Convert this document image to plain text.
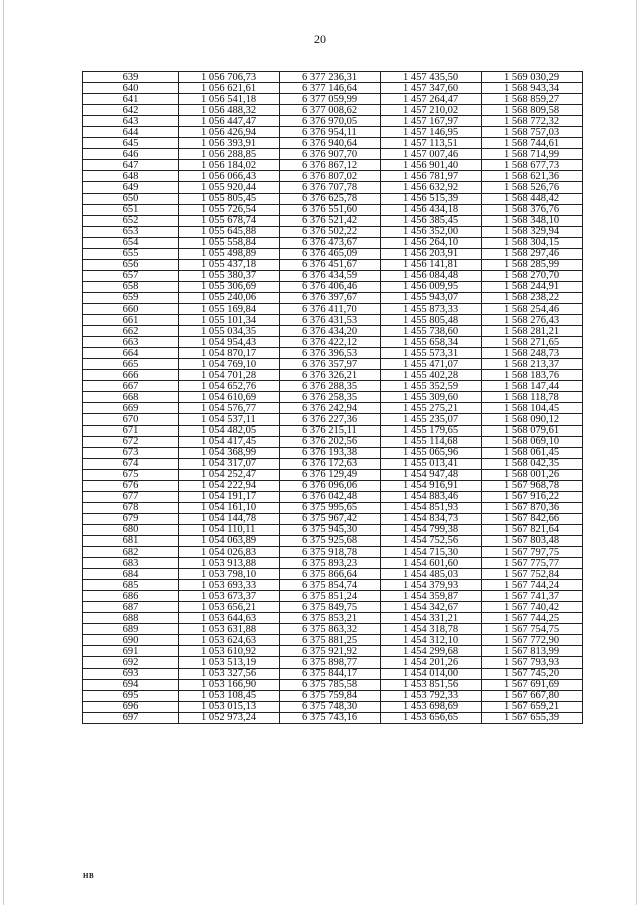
20
639	1 056 706,73	6 377 236,31	1 457 435,50	1 569 030,29
640	1 056 621,61	6 377 146,64	1 457 347,60	1 568 943,34
641	1 056 541,18	6 377 059,99	1 457 264,47	1 568 859,27
642	1 056 488,32	6 377 008,62	1 457 210,02	1 568 809,58
643	1 056 447,47	6 376 970,05	1 457 167,97	1 568 772,32
644	1 056 426,94	6 376 954,11	1 457 146,95	1 568 757,03
645	1 056 393,91	6 376 940,64	1 457 113,51	1 568 744,61
646	1 056 288,85	6 376 907,70	1 457 007,46	1 568 714,99
647	1 056 184,02	6 376 867,12	1 456 901,40	1 568 677,73
648	1 056 066,43	6 376 807,02	1 456 781,97	1 568 621,36
649	1 055 920,44	6 376 707,78	1 456 632,92	1 568 526,76
650	1 055 805,45	6 376 625,78	1 456 515,39	1 568 448,42
651	1 055 726,54	6 376 551,60	1 456 434,18	1 568 376,76
652	1 055 678,74	6 376 521,42	1 456 385,45	1 568 348,10
653	1 055 645,88	6 376 502,22	1 456 352,00	1 568 329,94
654	1 055 558,84	6 376 473,67	1 456 264,10	1 568 304,15
655	1 055 498,89	6 376 465,09	1 456 203,91	1 568 297,46
656	1 055 437,18	6 376 451,67	1 456 141,81	1 568 285,99
657	1 055 380,37	6 376 434,59	1 456 084,48	1 568 270,70
658	1 055 306,69	6 376 406,46	1 456 009,95	1 568 244,91
659	1 055 240,06	6 376 397,67	1 455 943,07	1 568 238,22
660	1 055 169,84	6 376 411,70	1 455 873,33	1 568 254,46
661	1 055 101,34	6 376 431,53	1 455 805,48	1 568 276,43
662	1 055 034,35	6 376 434,20	1 455 738,60	1 568 281,21
663	1 054 954,43	6 376 422,12	1 455 658,34	1 568 271,65
664	1 054 870,17	6 376 396,53	1 455 573,31	1 568 248,73
665	1 054 769,10	6 376 357,97	1 455 471,07	1 568 213,37
666	1 054 701,28	6 376 326,21	1 455 402,28	1 568 183,76
667	1 054 652,76	6 376 288,35	1 455 352,59	1 568 147,44
668	1 054 610,69	6 376 258,35	1 455 309,60	1 568 118,78
669	1 054 576,77	6 376 242,94	1 455 275,21	1 568 104,45
670	1 054 537,11	6 376 227,36	1 455 235,07	1 568 090,12
671	1 054 482,05	6 376 215,11	1 455 179,65	1 568 079,61
672	1 054 417,45	6 376 202,56	1 455 114,68	1 568 069,10
673	1 054 368,99	6 376 193,38	1 455 065,96	1 568 061,45
674	1 054 317,07	6 376 172,63	1 455 013,41	1 568 042,35
675	1 054 252,47	6 376 129,49	1 454 947,48	1 568 001,26
676	1 054 222,94	6 376 096,06	1 454 916,91	1 567 968,78
677	1 054 191,17	6 376 042,48	1 454 883,46	1 567 916,22
678	1 054 161,10	6 375 995,65	1 454 851,93	1 567 870,36
679	1 054 144,78	6 375 967,42	1 454 834,73	1 567 842,66
680	1 054 110,11	6 375 945,30	1 454 799,38	1 567 821,64
681	1 054 063,89	6 375 925,68	1 454 752,56	1 567 803,48
682	1 054 026,83	6 375 918,78	1 454 715,30	1 567 797,75
683	1 053 913,88	6 375 893,23	1 454 601,60	1 567 775,77
684	1 053 798,10	6 375 866,64	1 454 485,03	1 567 752,84
685	1 053 693,33	6 375 854,74	1 454 379,93	1 567 744,24
686	1 053 673,37	6 375 851,24	1 454 359,87	1 567 741,37
687	1 053 656,21	6 375 849,75	1 454 342,67	1 567 740,42
688	1 053 644,63	6 375 853,21	1 454 331,21	1 567 744,25
689	1 053 631,88	6 375 863,32	1 454 318,78	1 567 754,75
690	1 053 624,63	6 375 881,25	1 454 312,10	1 567 772,90
691	1 053 610,92	6 375 921,92	1 454 299,68	1 567 813,99
692	1 053 513,19	6 375 898,77	1 454 201,26	1 567 793,93
693	1 053 327,56	6 375 844,17	1 454 014,00	1 567 745,20
694	1 053 166,90	6 375 785,58	1 453 851,56	1 567 691,69
695	1 053 108,45	6 375 759,84	1 453 792,33	1 567 667,80
696	1 053 015,13	6 375 748,30	1 453 698,69	1 567 659,21
697	1 052 973,24	6 375 743,16	1 453 656,65	1 567 655,39
НВ
